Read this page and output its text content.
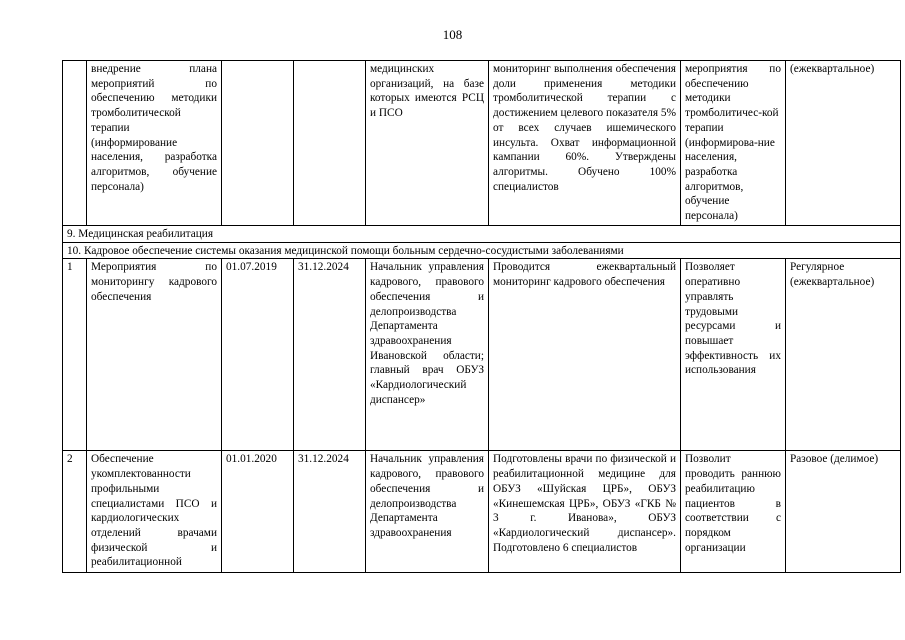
108
	внедрение плана мероприятий по обеспечению методики тромболитической терапии (информирование населения, разработка алгоритмов, обучение персонала)			медицинских организаций, на базе которых имеются РСЦ и ПСО	мониторинг выполнения обеспечения доли применения методики тромболитической терапии с достижением целевого показателя 5% от всех случаев ишемического инсульта. Охват информационной кампании 60%. Утверждены алгоритмы. Обучено 100% специалистов	мероприятия по обеспечению методики тромболитичес-кой терапии (информирова-ние населения, разработка алгоритмов, обучение персонала)	(ежеквартальное)
9. Медицинская реабилитация							
10. Кадровое обеспечение системы оказания медицинской помощи больным сердечно-сосудистыми заболеваниями							
1	Мероприятия по мониторингу кадрового обеспечения	01.07.2019	31.12.2024	Начальник управления кадрового, правового обеспечения и делопроизводства Департамента здравоохранения Ивановской области; главный врач ОБУЗ «Кардиологический диспансер»	Проводится ежеквартальный мониторинг кадрового обеспечения	Позволяет оперативно управлять трудовыми ресурсами и повышает эффективность их использования	Регулярное (ежеквартальное)
2	Обеспечение укомплектованности профильными специалистами ПСО и кардиологических отделений врачами физической и реабилитационной	01.01.2020	31.12.2024	Начальник управления кадрового, правового обеспечения и делопроизводства Департамента здравоохранения	Подготовлены врачи по физической и реабилитационной медицине для ОБУЗ «Шуйская ЦРБ», ОБУЗ «Кинешемская ЦРБ», ОБУЗ «ГКБ № 3 г. Иванова», ОБУЗ «Кардиологический диспансер». Подготовлено 6 специалистов	Позволит проводить раннюю реабилитацию пациентов в соответствии с порядком организации	Разовое (делимое)
